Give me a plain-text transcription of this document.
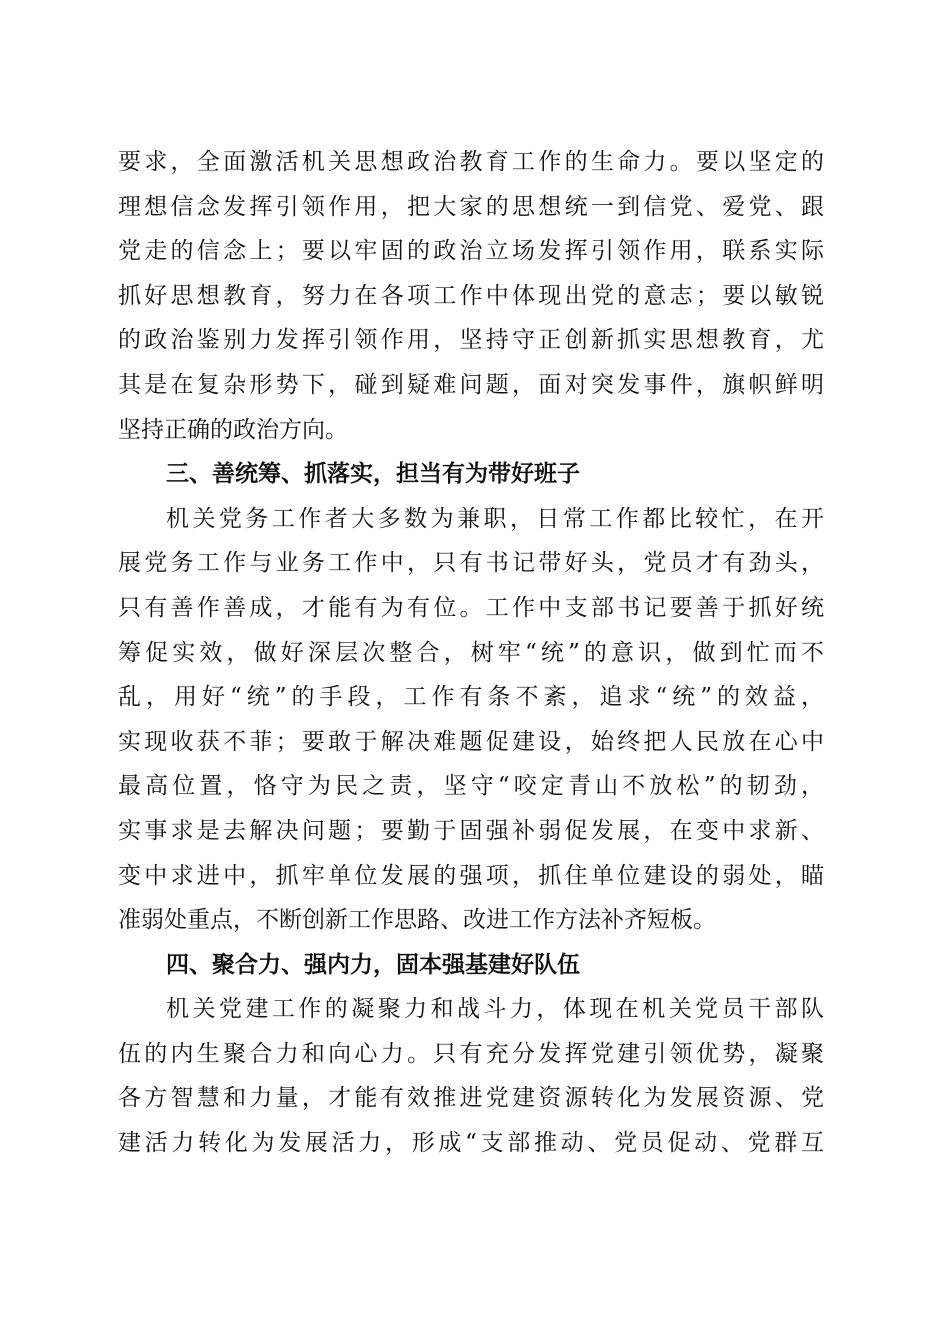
要求，全面激活机关思想政治教育工作的生命力。要以坚定的
理想信念发挥引领作用，把大家的思想统一到信党、爱党、跟
党走的信念上；要以牢固的政治立场发挥引领作用，联系实际
抓好思想教育，努力在各项工作中体现出党的意志；要以敏锐
的政治鉴别力发挥引领作用，坚持守正创新抓实思想教育，尤
其是在复杂形势下，碰到疑难问题，面对突发事件，旗帜鲜明
坚持正确的政治方向。
三、善统筹、抓落实，担当有为带好班子
机关党务工作者大多数为兼职，日常工作都比较忙，在开
展党务工作与业务工作中，只有书记带好头，党员才有劲头，
只有善作善成，才能有为有位。工作中支部书记要善于抓好统
筹促实效，做好深层次整合，树牢“统”的意识，做到忙而不
乱，用好“统”的手段，工作有条不紊，追求“统”的效益，
实现收获不菲；要敢于解决难题促建设，始终把人民放在心中
最高位置，恪守为民之责，坚守“咬定青山不放松”的韧劲，
实事求是去解决问题；要勤于固强补弱促发展，在变中求新、
变中求进中，抓牢单位发展的强项，抓住单位建设的弱处，瞄
准弱处重点，不断创新工作思路、改进工作方法补齐短板。
四、聚合力、强内力，固本强基建好队伍
机关党建工作的凝聚力和战斗力，体现在机关党员干部队
伍的内生聚合力和向心力。只有充分发挥党建引领优势，凝聚
各方智慧和力量，才能有效推进党建资源转化为发展资源、党
建活力转化为发展活力，形成“支部推动、党员促动、党群互
